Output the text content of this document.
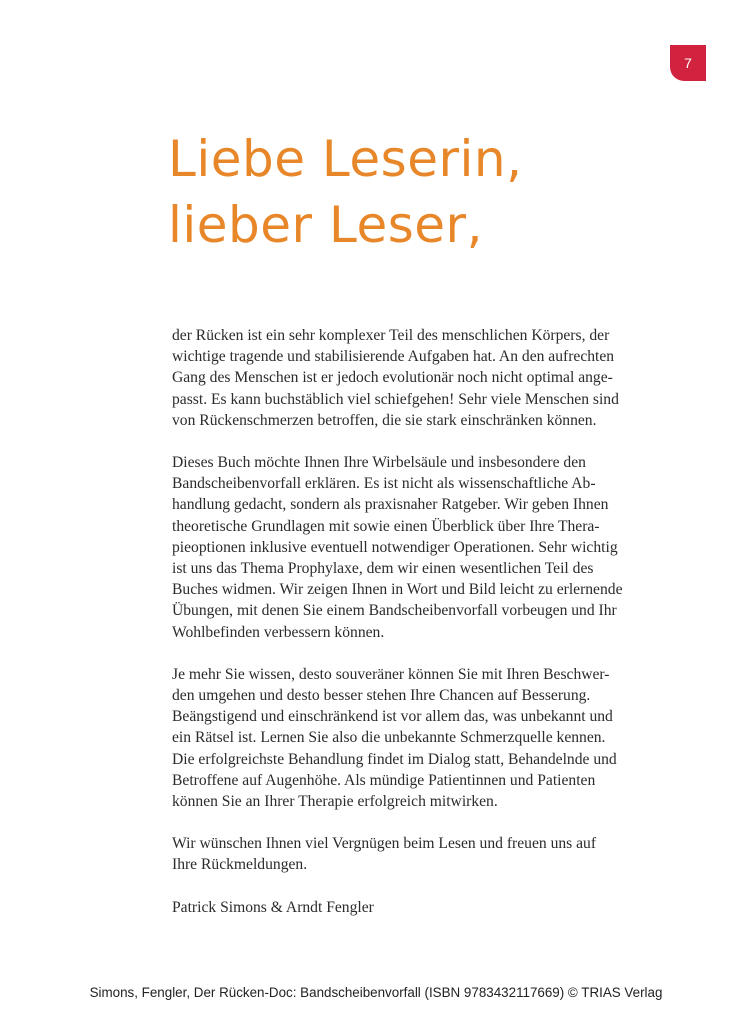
7
Liebe Leserin,
lieber Leser,

der Rücken ist ein sehr komplexer Teil des menschlichen Körpers, der
wichtige tragende und stabilisierende Aufgaben hat. An den aufrechten
Gang des Menschen ist er jedoch evolutionär noch nicht optimal ange-
passt. Es kann buchstäblich viel schiefgehen! Sehr viele Menschen sind
von Rückenschmerzen betroffen, die sie stark einschränken können.

Dieses Buch möchte Ihnen Ihre Wirbelsäule und insbesondere den
Bandscheibenvorfall erklären. Es ist nicht als wissenschaftliche Ab-
handlung gedacht, sondern als praxisnaher Ratgeber. Wir geben Ihnen
theoretische Grundlagen mit sowie einen Überblick über Ihre Thera-
pieoptionen inklusive eventuell notwendiger Operationen. Sehr wichtig
ist uns das Thema Prophylaxe, dem wir einen wesentlichen Teil des
Buches widmen. Wir zeigen Ihnen in Wort und Bild leicht zu erlernende
Übungen, mit denen Sie einem Bandscheibenvorfall vorbeugen und Ihr
Wohlbefinden verbessern können.

Je mehr Sie wissen, desto souveräner können Sie mit Ihren Beschwer-
den umgehen und desto besser stehen Ihre Chancen auf Besserung.
Beängstigend und einschränkend ist vor allem das, was unbekannt und
ein Rätsel ist. Lernen Sie also die unbekannte Schmerzquelle kennen.
Die erfolgreichste Behandlung findet im Dialog statt, Behandelnde und
Betroffene auf Augenhöhe. Als mündige Patientinnen und Patienten
können Sie an Ihrer Therapie erfolgreich mitwirken.

Wir wünschen Ihnen viel Vergnügen beim Lesen und freuen uns auf
Ihre Rückmeldungen.

Patrick Simons & Arndt Fengler

Simons, Fengler, Der Rücken-Doc: Bandscheibenvorfall (ISBN 9783432117669) © TRIAS Verlag
